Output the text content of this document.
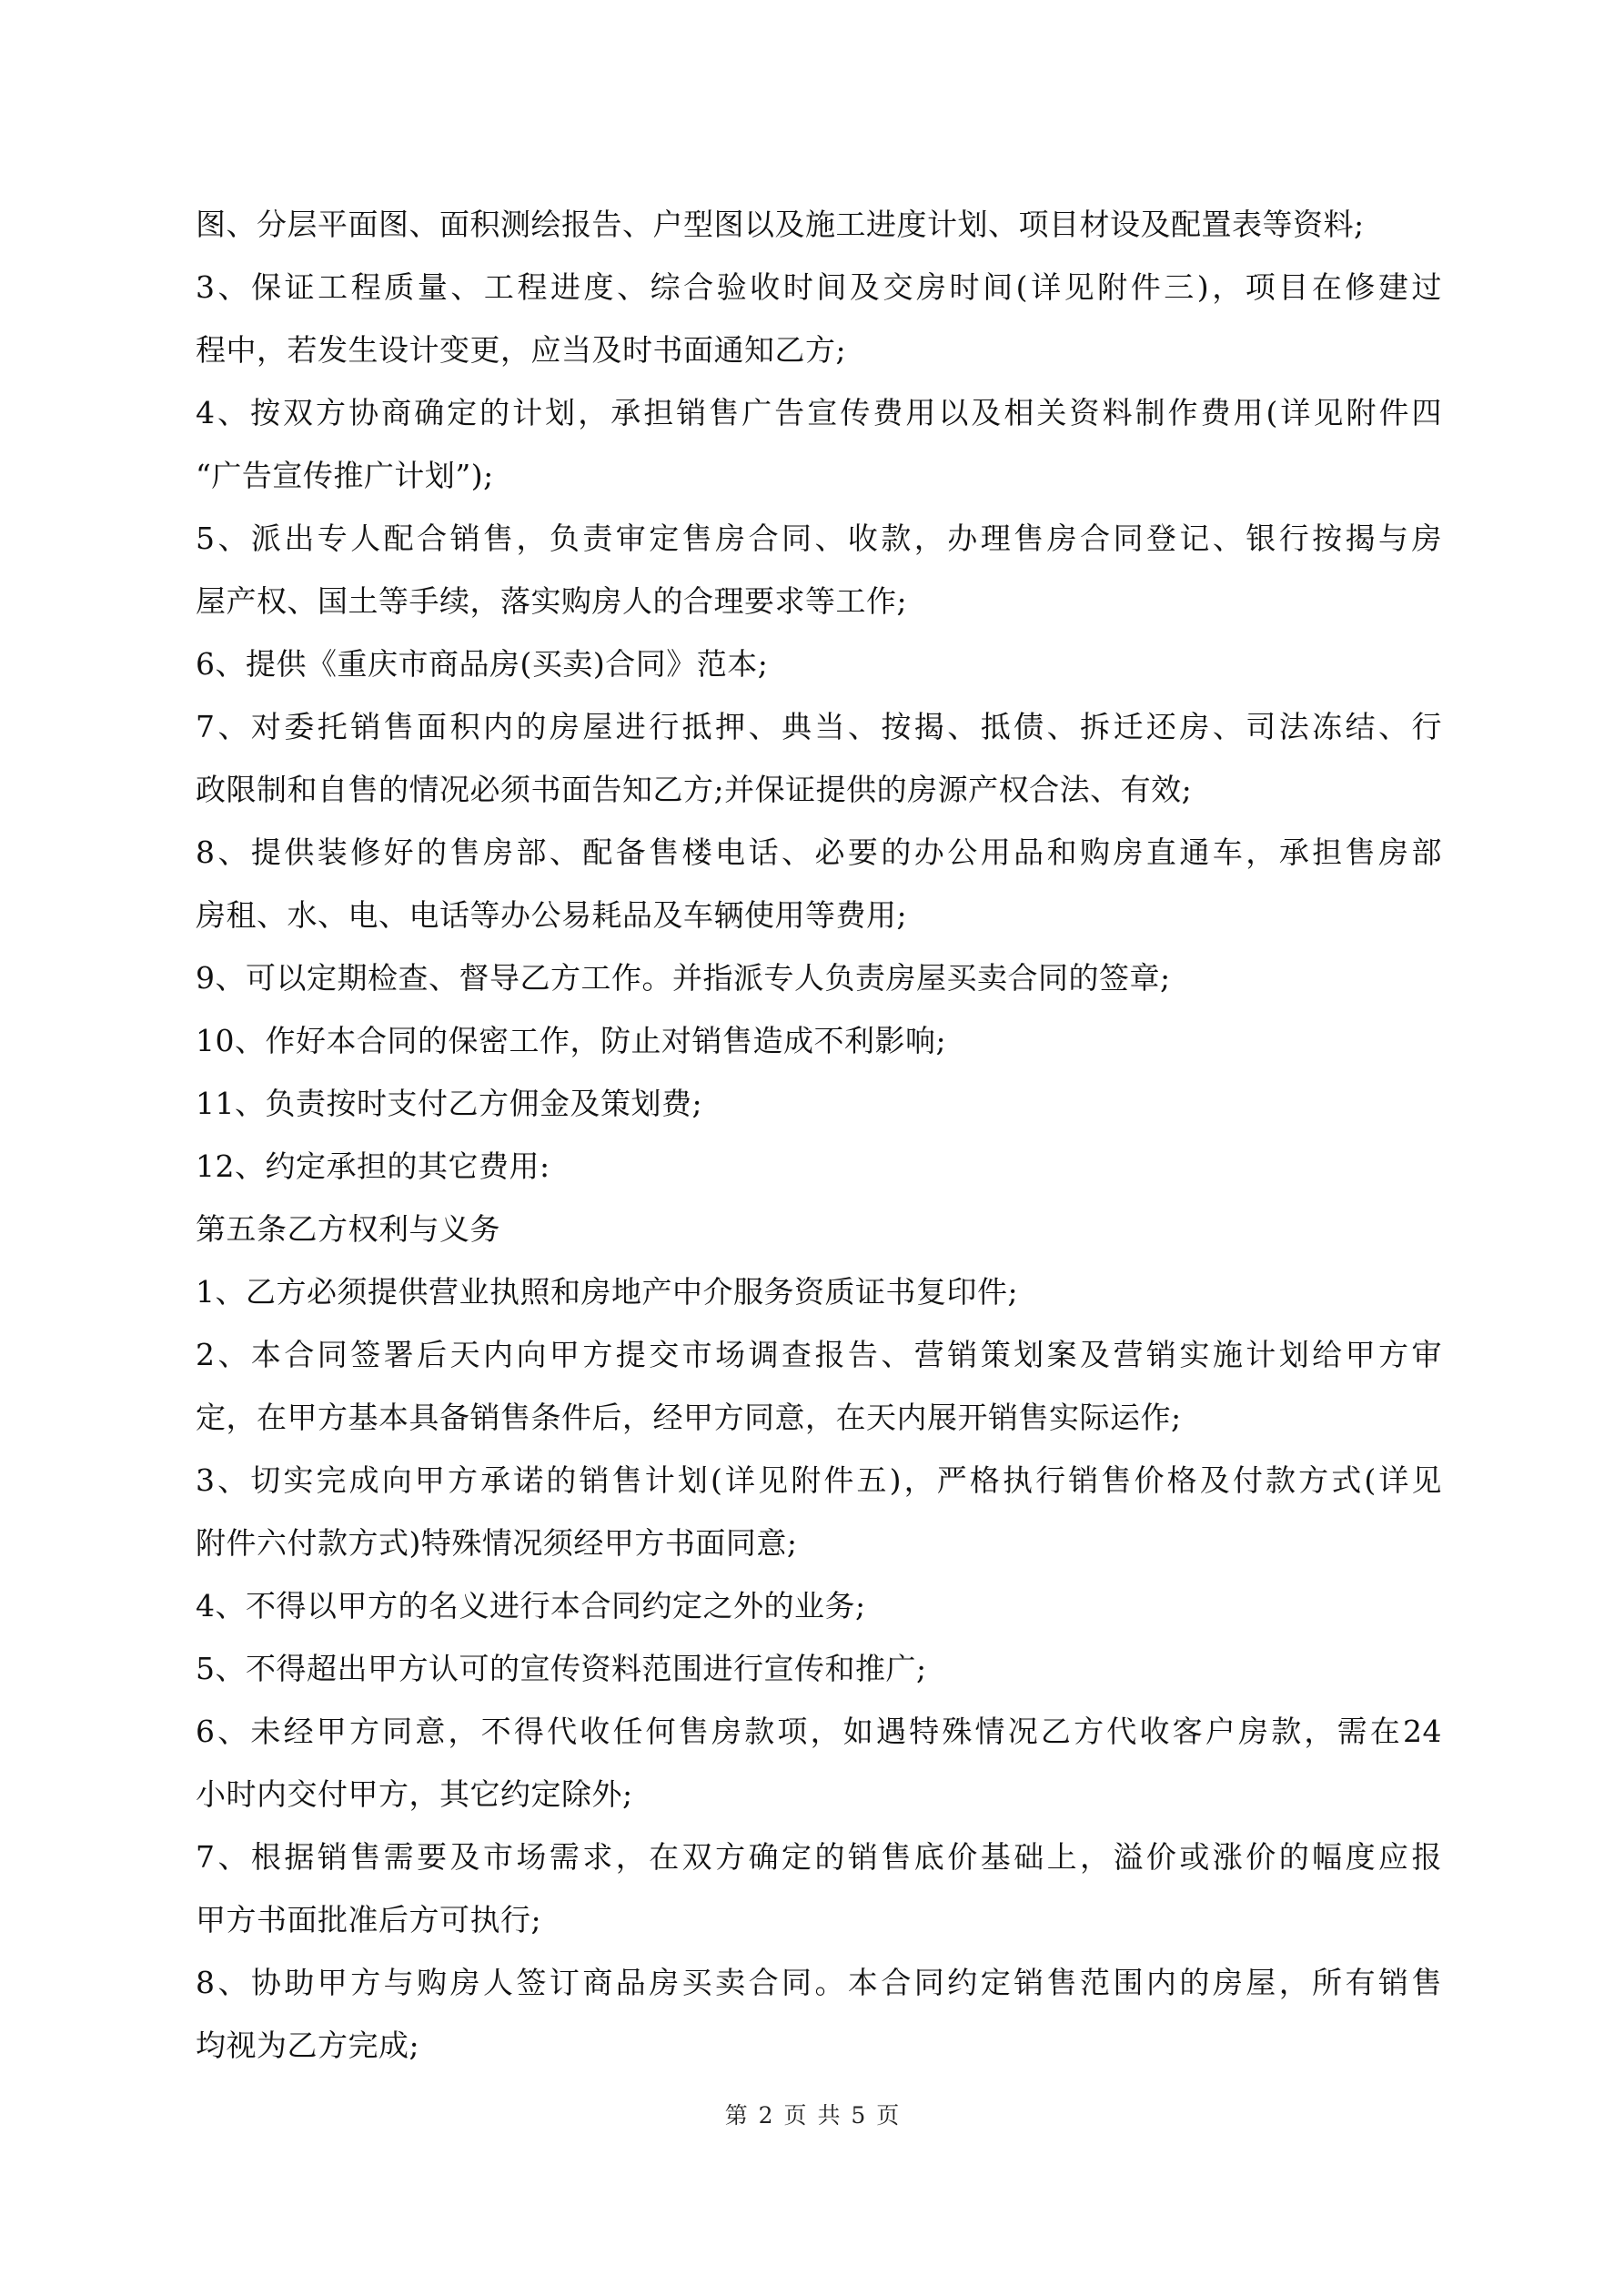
图、分层平面图、面积测绘报告、户型图以及施工进度计划、项目材设及配置表等资料;
3、保证工程质量、工程进度、综合验收时间及交房时间(详见附件三)，项目在修建过
程中，若发生设计变更，应当及时书面通知乙方;
4、按双方协商确定的计划，承担销售广告宣传费用以及相关资料制作费用(详见附件四
“广告宣传推广计划”);
5、派出专人配合销售，负责审定售房合同、收款，办理售房合同登记、银行按揭与房
屋产权、国土等手续，落实购房人的合理要求等工作;
6、提供《重庆市商品房(买卖)合同》范本;
7、对委托销售面积内的房屋进行抵押、典当、按揭、抵债、拆迁还房、司法冻结、行
政限制和自售的情况必须书面告知乙方;并保证提供的房源产权合法、有效;
8、提供装修好的售房部、配备售楼电话、必要的办公用品和购房直通车，承担售房部
房租、水、电、电话等办公易耗品及车辆使用等费用;
9、可以定期检查、督导乙方工作。并指派专人负责房屋买卖合同的签章;
10、作好本合同的保密工作，防止对销售造成不利影响;
11、负责按时支付乙方佣金及策划费;
12、约定承担的其它费用:
第五条乙方权利与义务
1、乙方必须提供营业执照和房地产中介服务资质证书复印件;
2、本合同签署后天内向甲方提交市场调查报告、营销策划案及营销实施计划给甲方审
定，在甲方基本具备销售条件后，经甲方同意，在天内展开销售实际运作;
3、切实完成向甲方承诺的销售计划(详见附件五)，严格执行销售价格及付款方式(详见
附件六付款方式)特殊情况须经甲方书面同意;
4、不得以甲方的名义进行本合同约定之外的业务;
5、不得超出甲方认可的宣传资料范围进行宣传和推广;
6、未经甲方同意，不得代收任何售房款项，如遇特殊情况乙方代收客户房款，需在24
小时内交付甲方，其它约定除外;
7、根据销售需要及市场需求，在双方确定的销售底价基础上，溢价或涨价的幅度应报
甲方书面批准后方可执行;
8、协助甲方与购房人签订商品房买卖合同。本合同约定销售范围内的房屋，所有销售
均视为乙方完成;
第 2 页 共 5 页
